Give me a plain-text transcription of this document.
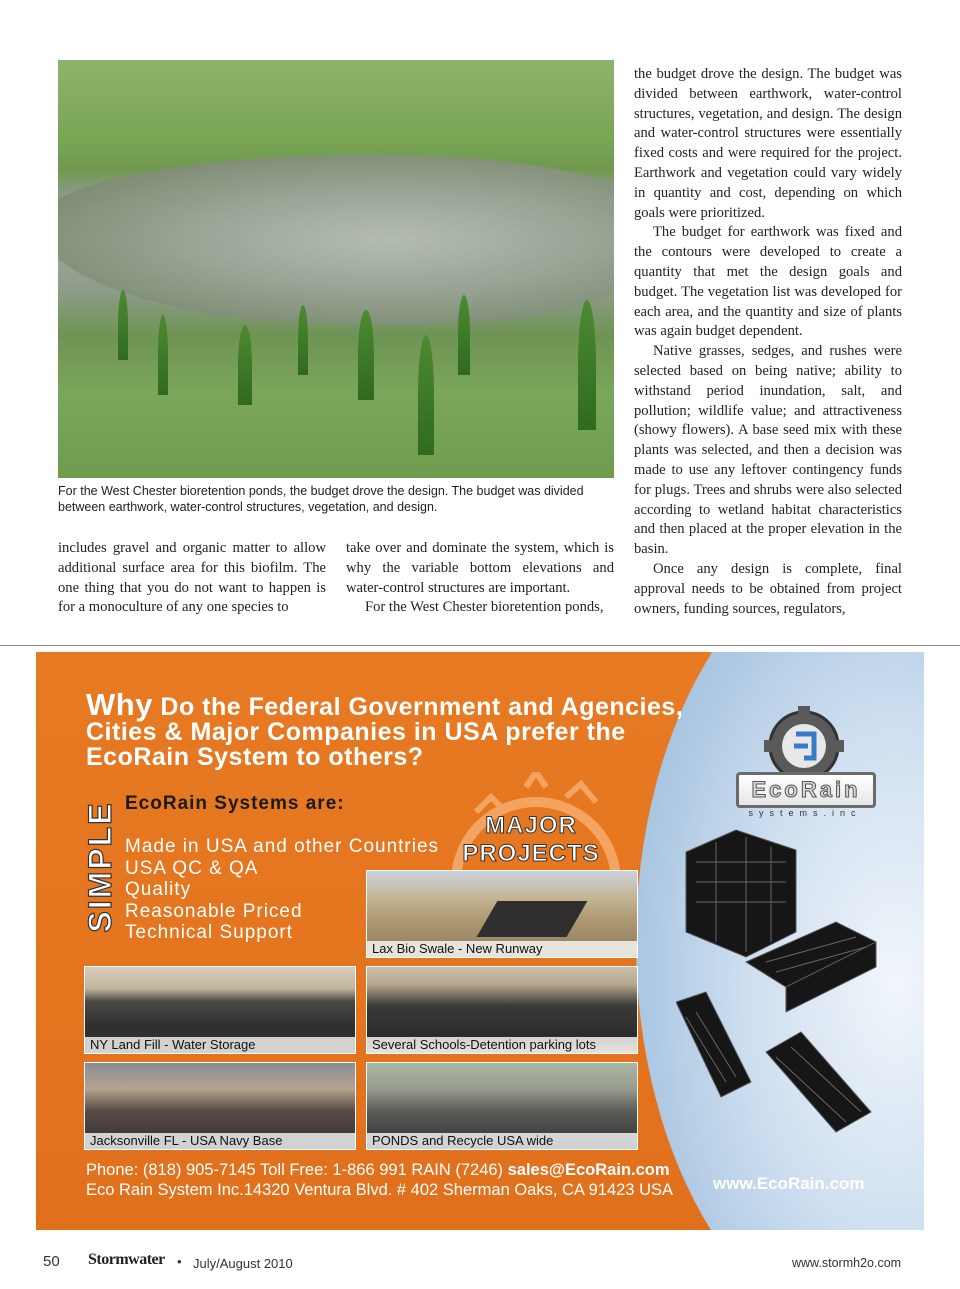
For the West Chester bioretention ponds, the budget drove the design. The budget was divided between earthwork, water-control structures, vegetation, and design.

includes gravel and organic matter to allow additional surface area for this biofilm. The one thing that you do not want to happen is for a monoculture of any one species to

take over and dominate the system, which is why the variable bottom elevations and water-control structures are important.

For the West Chester bioretention ponds,

the budget drove the design. The budget was divided between earthwork, water-control structures, vegetation, and design. The design and water-control structures were essentially fixed costs and were required for the project. Earthwork and vegetation could vary widely in quantity and cost, depending on which goals were prioritized.

The budget for earthwork was fixed and the contours were developed to create a quantity that met the design goals and budget. The vegetation list was developed for each area, and the quantity and size of plants was again budget dependent.

Native grasses, sedges, and rushes were selected based on being native; ability to withstand period inundation, salt, and pollution; wildlife value; and attractiveness (showy flowers). A base seed mix with these plants was selected, and then a decision was made to use any leftover contingency funds for plugs. Trees and shrubs were also selected according to wetland habitat characteristics and then placed at the proper elevation in the basin.

Once any design is complete, final approval needs to be obtained from project owners, funding sources, regulators,

Why Do the Federal Government and Agencies, Cities & Major Companies in USA prefer the EcoRain System to others?
SIMPLE EcoRain Systems are:
Made in USA and other Countries
USA QC & QA
Quality
Reasonable Priced
Technical Support
MAJOR PROJECTS
Lax Bio Swale - New Runway
NY Land Fill - Water Storage	Several Schools-Detention parking lots
Jacksonville FL - USA Navy Base	PONDS and Recycle USA wide
EcoRain
systems.inc
Phone: (818) 905-7145 Toll Free: 1-866 991 RAIN (7246) sales@EcoRain.com
Eco Rain System Inc.14320 Ventura Blvd. # 402 Sherman Oaks, CA 91423 USA www.EcoRain.com
50 Stormwater • July/August 2010	www.stormh2o.com
